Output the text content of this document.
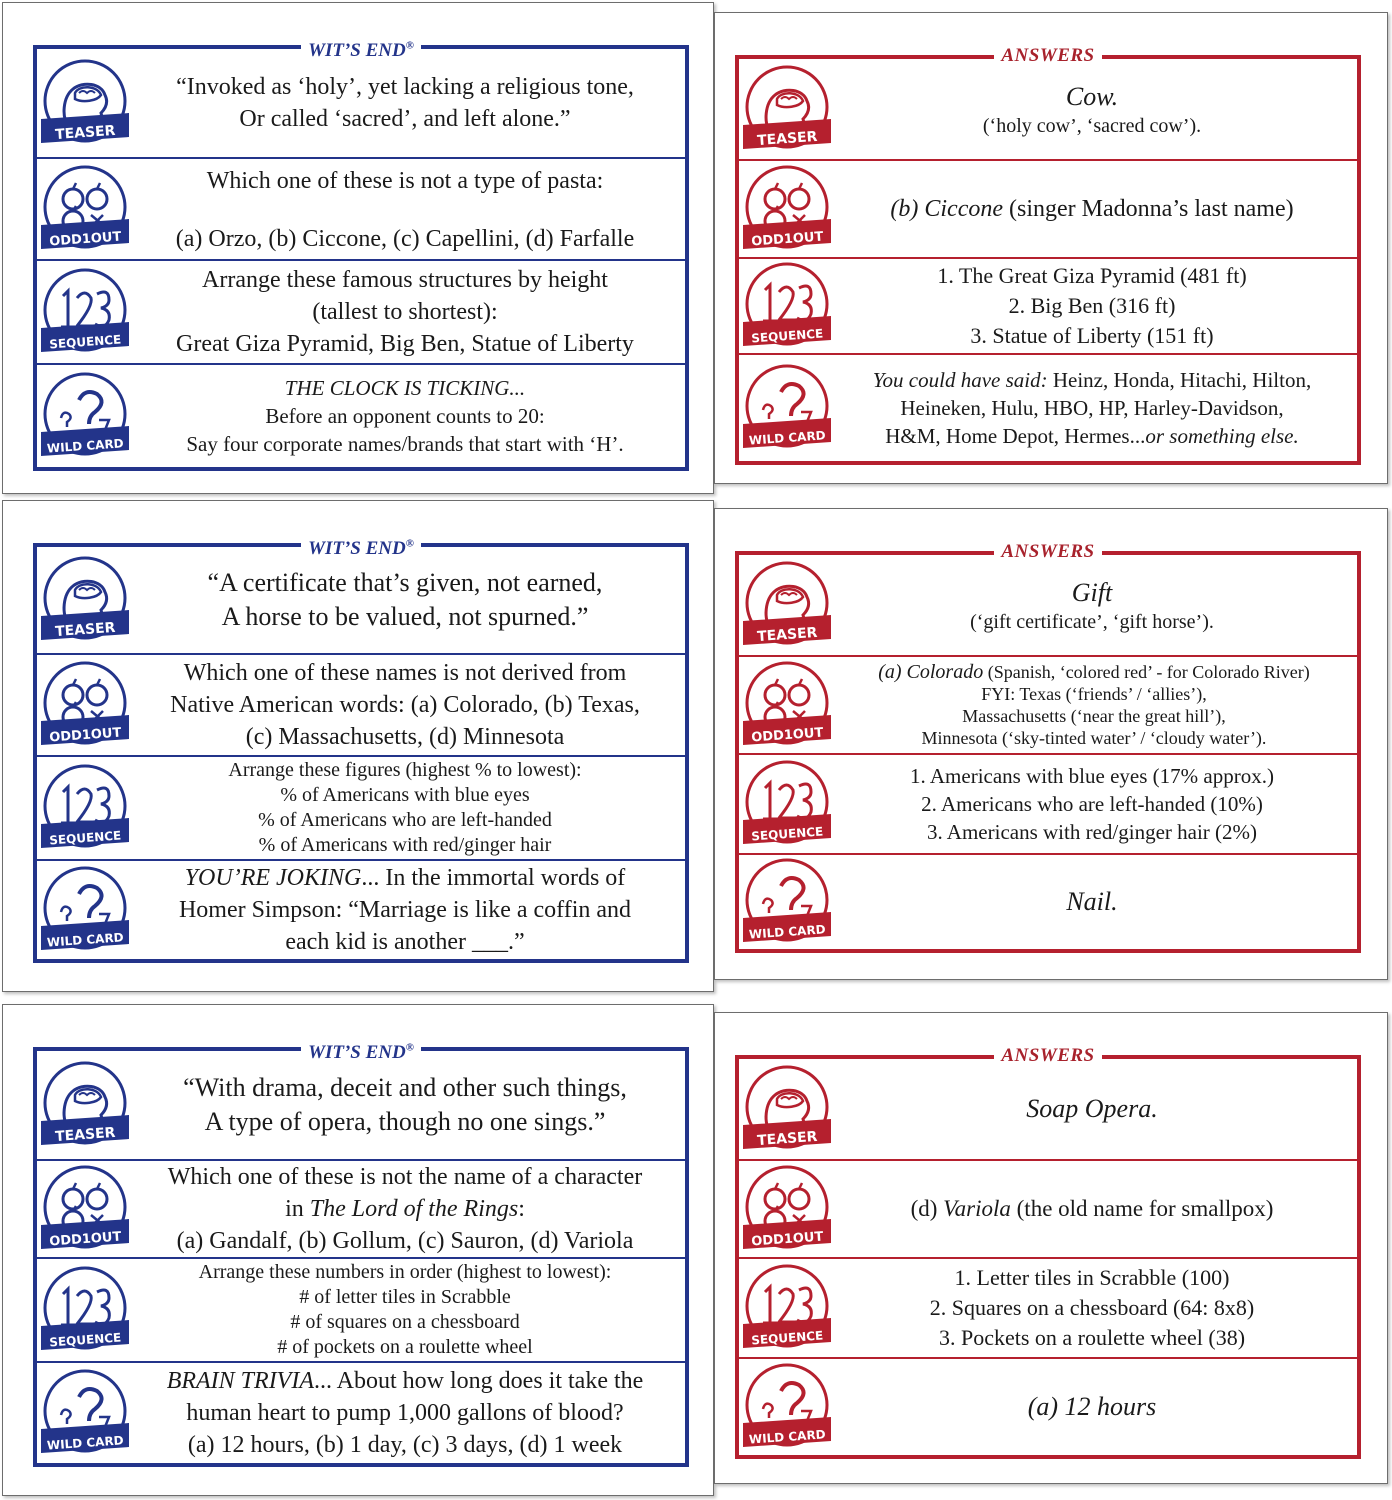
WIT’S END®
TEASER

“Invoked as ‘holy’, yet lacking a religious tone,

Or called ‘sacred’, and left alone.”

ODD1OUT

Which one of these is not a type of pasta:

(a) Orzo, (b) Ciccone, (c) Capellini, (d) Farfalle

SEQUENCE

Arrange these famous structures by height

(tallest to shortest):

Great Giza Pyramid, Big Ben, Statue of Liberty

WILD CARD

THE CLOCK IS TICKING...

Before an opponent counts to 20:

Say four corporate names/brands that start with ‘H’.

ANSWERS
TEASER

Cow.

(‘holy cow’, ‘sacred cow’).

ODD1OUT

(b) Ciccone (singer Madonna’s last name)

SEQUENCE

1. The Great Giza Pyramid (481 ft)

2. Big Ben (316 ft)

3. Statue of Liberty (151 ft)

WILD CARD

You could have said: Heinz, Honda, Hitachi, Hilton,

Heineken, Hulu, HBO, HP, Harley-Davidson,

H&M, Home Depot, Hermes...or something else.

WIT’S END®
TEASER

“A certificate that’s given, not earned,

A horse to be valued, not spurned.”

ODD1OUT

Which one of these names is not derived from

Native American words: (a) Colorado, (b) Texas,

(c) Massachusetts, (d) Minnesota

SEQUENCE

Arrange these figures (highest % to lowest):

% of Americans with blue eyes

% of Americans who are left-handed

% of Americans with red/ginger hair

WILD CARD

YOU’RE JOKING... In the immortal words of

Homer Simpson: “Marriage is like a coffin and

each kid is another ___.”

ANSWERS
TEASER

Gift

(‘gift certificate’, ‘gift horse’).

ODD1OUT

(a) Colorado (Spanish, ‘colored red’ - for Colorado River)

FYI: Texas (‘friends’ / ‘allies’),

Massachusetts (‘near the great hill’),

Minnesota (‘sky-tinted water’ / ‘cloudy water’).

SEQUENCE

1. Americans with blue eyes (17% approx.)

2. Americans who are left-handed (10%)

3. Americans with red/ginger hair (2%)

WILD CARD

Nail.

WIT’S END®
TEASER

“With drama, deceit and other such things,

A type of opera, though no one sings.”

ODD1OUT

Which one of these is not the name of a character

in The Lord of the Rings:

(a) Gandalf, (b) Gollum, (c) Sauron, (d) Variola

SEQUENCE

Arrange these numbers in order (highest to lowest):

# of letter tiles in Scrabble

# of squares on a chessboard

# of pockets on a roulette wheel

WILD CARD

BRAIN TRIVIA... About how long does it take the

human heart to pump 1,000 gallons of blood?

(a) 12 hours, (b) 1 day, (c) 3 days, (d) 1 week

ANSWERS
TEASER

Soap Opera.

ODD1OUT

(d) Variola (the old name for smallpox)

SEQUENCE

1. Letter tiles in Scrabble (100)

2. Squares on a chessboard (64: 8x8)

3. Pockets on a roulette wheel (38)

WILD CARD

(a) 12 hours
